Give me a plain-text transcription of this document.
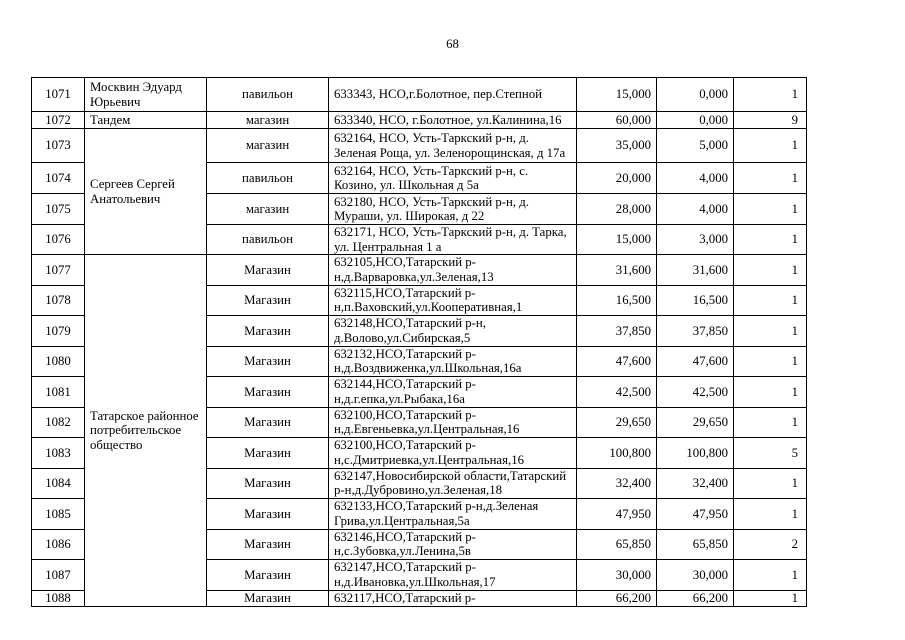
68
1071	Москвин Эдуард Юрьевич	павильон	633343, НСО,г.Болотное, пер.Степной	15,000	0,000	1
1072	Тандем	магазин	633340, НСО, г.Болотное, ул.Калинина,16	60,000	0,000	9
1073	Сергеев Сергей Анатольевич	магазин	632164, НСО, Усть-Таркский р-н, д.
Зеленая Роща, ул. Зеленорощинская, д 17а	35,000	5,000	1
1074		павильон	632164, НСО, Усть-Таркский р-н, с.
Козино, ул. Школьная д 5а	20,000	4,000	1
1075		магазин	632180, НСО, Усть-Таркский р-н, д.
Мураши, ул. Широкая, д 22	28,000	4,000	1
1076		павильон	632171, НСО, Усть-Таркский р-н, д. Тарка,
ул. Центральная 1 а	15,000	3,000	1
1077	Татарское районное потребительское общество	Магазин	632105,НСО,Татарский р-
н,д.Варваровка,ул.Зеленая,13	31,600	31,600	1
1078		Магазин	632115,НСО,Татарский р-
н,п.Ваховский,ул.Кооперативная,1	16,500	16,500	1
1079		Магазин	632148,НСО,Татарский р-н,
д.Волово,ул.Сибирская,5	37,850	37,850	1
1080		Магазин	632132,НСО,Татарский р-
н,д.Воздвиженка,ул.Школьная,16а	47,600	47,600	1
1081		Магазин	632144,НСО,Татарский р-
н,д.г.епка,ул.Рыбака,16а	42,500	42,500	1
1082		Магазин	632100,НСО,Татарский р-
н,д.Евгеньевка,ул.Центральная,16	29,650	29,650	1
1083		Магазин	632100,НСО,Татарский р-
н,с.Дмитриевка,ул.Центральная,16	100,800	100,800	5
1084		Магазин	632147,Новосибирской области,Татарский
р-н,д.Дубровино,ул.Зеленая,18	32,400	32,400	1
1085		Магазин	632133,НСО,Татарский р-н,д.Зеленая
Грива,ул.Центральная,5а	47,950	47,950	1
1086		Магазин	632146,НСО,Татарский р-
н,с.Зубовка,ул.Ленина,5в	65,850	65,850	2
1087		Магазин	632147,НСО,Татарский р-
н,д.Ивановка,ул.Школьная,17	30,000	30,000	1
1088		Магазин	632117,НСО,Татарский р-	66,200	66,200	1
